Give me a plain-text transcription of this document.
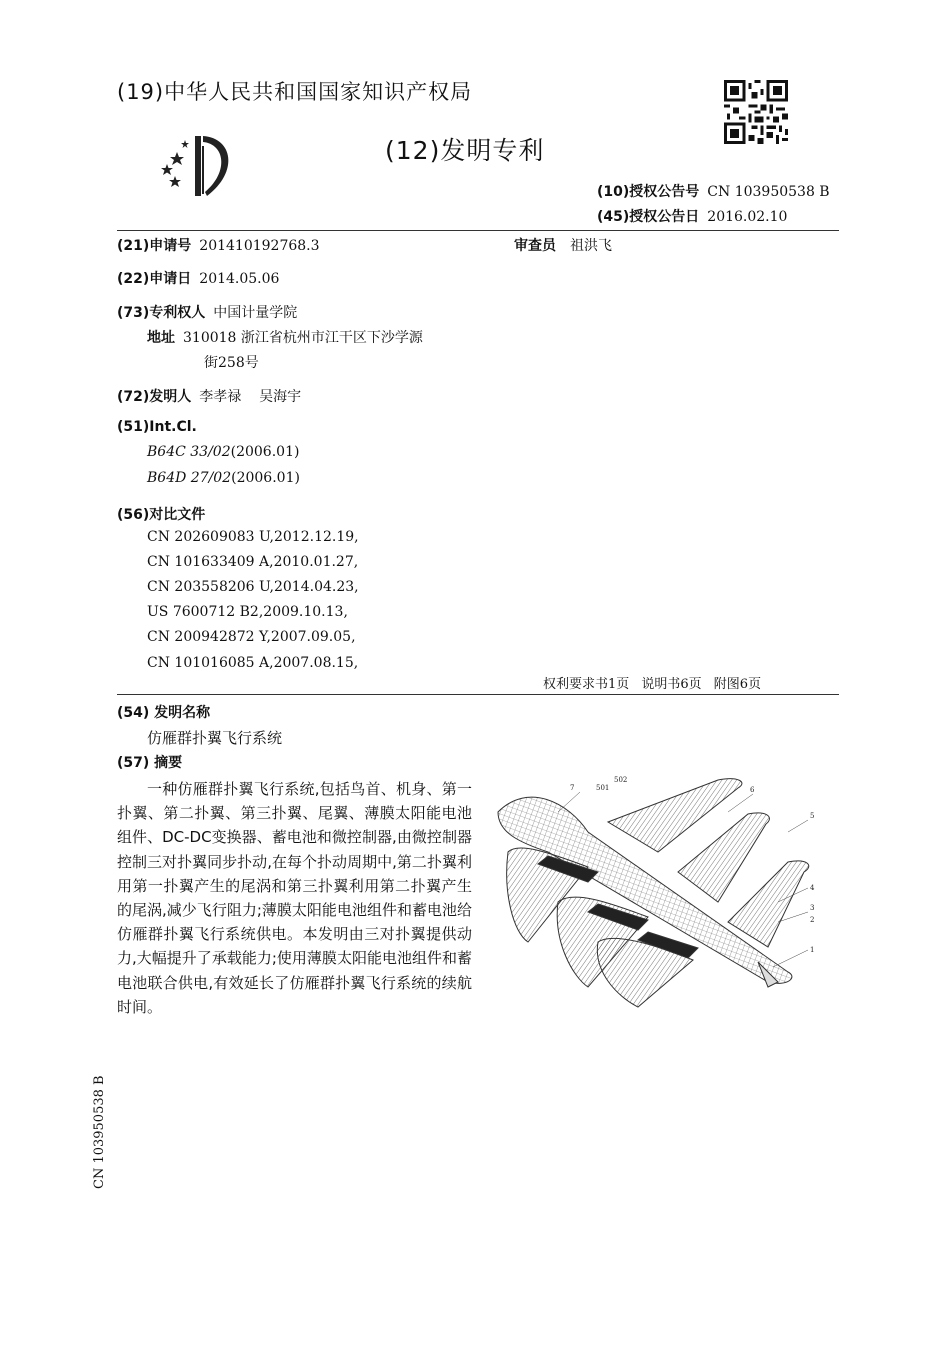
(19)中华人民共和国国家知识产权局
(12)发明专利
(10)授权公告号 CN 103950538 B
(45)授权公告日 2016.02.10
(21)申请号 201410192768.3	审查员 祖洪飞
(22)申请日 2014.05.06
(73)专利权人 中国计量学院
地址 310018 浙江省杭州市江干区下沙学源
街258号
(72)发明人 李孝禄    吴海宇
(51)Int.Cl.
B64C 33/02(2006.01)
B64D 27/02(2006.01)
(56)对比文件
CN 202609083 U,2012.12.19,
CN 101633409 A,2010.01.27,
CN 203558206 U,2014.04.23,
US 7600712 B2,2009.10.13,
CN 200942872 Y,2007.09.05,
CN 101016085 A,2007.08.15,
权利要求书1页 说明书6页 附图6页
(54) 发明名称
仿雁群扑翼飞行系统
(57) 摘要
一种仿雁群扑翼飞行系统,包括鸟首、机身、第一扑翼、第二扑翼、第三扑翼、尾翼、薄膜太阳能电池组件、DC-DC变换器、蓄电池和微控制器,由微控制器控制三对扑翼同步扑动,在每个扑动周期中,第二扑翼利用第一扑翼产生的尾涡和第三扑翼利用第二扑翼产生的尾涡,减少飞行阻力;薄膜太阳能电池组件和蓄电池给仿雁群扑翼飞行系统供电。本发明由三对扑翼提供动力,大幅提升了承载能力;使用薄膜太阳能电池组件和蓄电池联合供电,有效延长了仿雁群扑翼飞行系统的续航时间。
7	501
502
6
5
4
3
2
1
CN 103950538 B
